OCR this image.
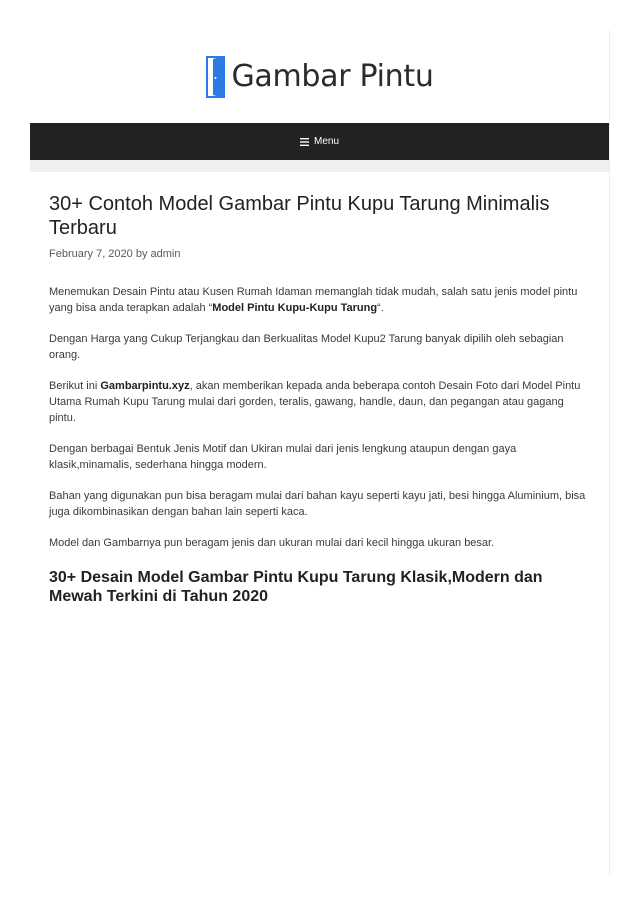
Gambar Pintu
Menu
30+ Contoh Model Gambar Pintu Kupu Tarung Minimalis Terbaru
February 7, 2020 by admin

Menemukan Desain Pintu atau Kusen Rumah Idaman memanglah tidak mudah, salah satu jenis model pintu yang bisa anda terapkan adalah “Model Pintu Kupu-Kupu Tarung“.

Dengan Harga yang Cukup Terjangkau dan Berkualitas Model Kupu2 Tarung banyak dipilih oleh sebagian orang.

Berikut ini Gambarpintu.xyz, akan memberikan kepada anda beberapa contoh Desain Foto dari Model Pintu Utama Rumah Kupu Tarung mulai dari gorden, teralis, gawang, handle, daun, dan pegangan atau gagang pintu.

Dengan berbagai Bentuk Jenis Motif dan Ukiran mulai dari jenis lengkung ataupun dengan gaya klasik,minamalis, sederhana hingga modern.

Bahan yang digunakan pun bisa beragam mulai dari bahan kayu seperti kayu jati, besi hingga Aluminium, bisa juga dikombinasikan dengan bahan lain seperti kaca.

Model dan Gambarnya pun beragam jenis dan ukuran mulai dari kecil hingga ukuran besar.

30+ Desain Model Gambar Pintu Kupu Tarung Klasik,Modern dan Mewah Terkini di Tahun 2020
